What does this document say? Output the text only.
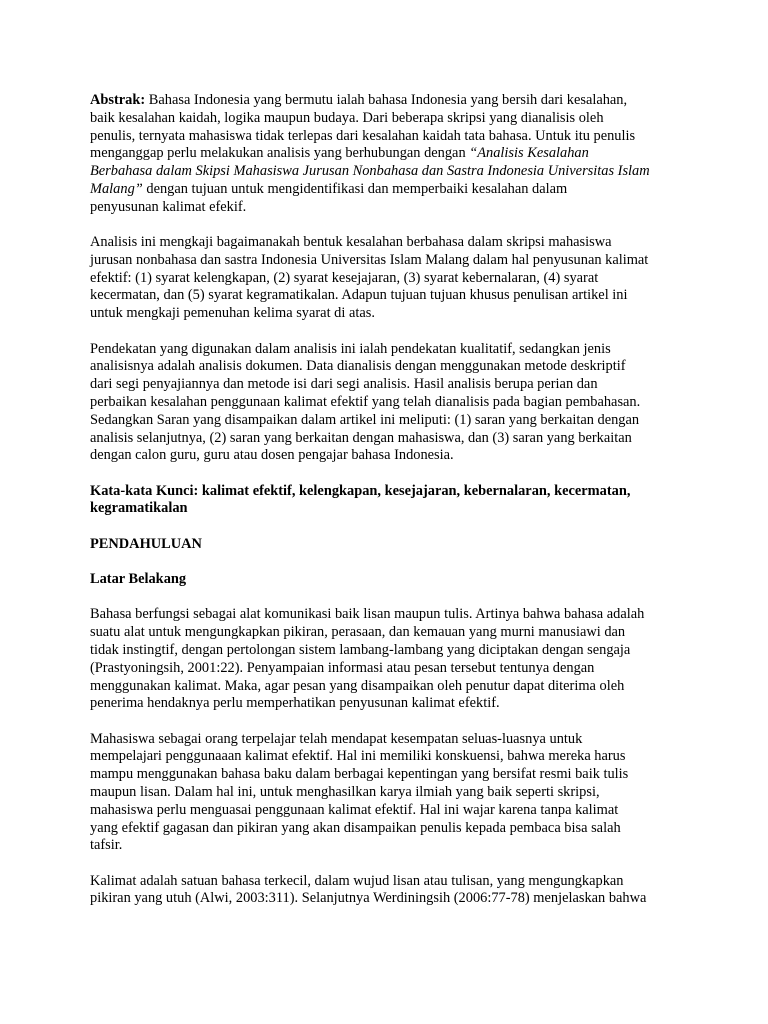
Abstrak: Bahasa Indonesia yang bermutu ialah bahasa Indonesia yang bersih dari kesalahan,
baik kesalahan kaidah, logika maupun budaya. Dari beberapa skripsi yang dianalisis oleh
penulis, ternyata mahasiswa tidak terlepas dari kesalahan kaidah tata bahasa. Untuk itu penulis
menganggap perlu melakukan analisis yang berhubungan dengan “Analisis Kesalahan
Berbahasa dalam Skipsi Mahasiswa Jurusan Nonbahasa dan Sastra Indonesia Universitas Islam
Malang” dengan tujuan untuk mengidentifikasi dan memperbaiki kesalahan dalam
penyusunan kalimat efekif.

Analisis ini mengkaji bagaimanakah bentuk kesalahan berbahasa dalam skripsi mahasiswa
jurusan nonbahasa dan sastra Indonesia Universitas Islam Malang dalam hal penyusunan kalimat
efektif: (1) syarat kelengkapan, (2) syarat kesejajaran, (3) syarat kebernalaran, (4) syarat
kecermatan, dan (5) syarat kegramatikalan. Adapun tujuan tujuan khusus penulisan artikel ini
untuk mengkaji pemenuhan kelima syarat di atas.

Pendekatan yang digunakan dalam analisis ini ialah pendekatan kualitatif, sedangkan jenis
analisisnya adalah analisis dokumen. Data dianalisis dengan menggunakan metode deskriptif
dari segi penyajiannya dan metode isi dari segi analisis. Hasil analisis berupa perian dan
perbaikan kesalahan penggunaan kalimat efektif yang telah dianalisis pada bagian pembahasan.
Sedangkan Saran yang disampaikan dalam artikel ini meliputi: (1) saran yang berkaitan dengan
analisis selanjutnya, (2) saran yang berkaitan dengan mahasiswa, dan (3) saran yang berkaitan
dengan calon guru, guru atau dosen pengajar bahasa Indonesia.

Kata-kata Kunci: kalimat efektif, kelengkapan, kesejajaran, kebernalaran, kecermatan,
kegramatikalan

PENDAHULUAN

Latar Belakang

Bahasa berfungsi sebagai alat komunikasi baik lisan maupun tulis. Artinya bahwa bahasa adalah
suatu alat untuk mengungkapkan pikiran, perasaan, dan kemauan yang murni manusiawi dan
tidak instingtif, dengan pertolongan sistem lambang-lambang yang diciptakan dengan sengaja
(Prastyoningsih, 2001:22). Penyampaian informasi atau pesan tersebut tentunya dengan
menggunakan kalimat. Maka, agar pesan yang disampaikan oleh penutur dapat diterima oleh
penerima hendaknya perlu memperhatikan penyusunan kalimat efektif.

Mahasiswa sebagai orang terpelajar telah mendapat kesempatan seluas-luasnya untuk
mempelajari penggunaaan kalimat efektif. Hal ini memiliki konskuensi, bahwa mereka harus
mampu menggunakan bahasa baku dalam berbagai kepentingan yang bersifat resmi baik tulis
maupun lisan. Dalam hal ini, untuk menghasilkan karya ilmiah yang baik seperti skripsi,
mahasiswa perlu menguasai penggunaan kalimat efektif. Hal ini wajar karena tanpa kalimat
yang efektif gagasan dan pikiran yang akan disampaikan penulis kepada pembaca bisa salah
tafsir.

Kalimat adalah satuan bahasa terkecil, dalam wujud lisan atau tulisan, yang mengungkapkan
pikiran yang utuh (Alwi, 2003:311). Selanjutnya Werdiningsih (2006:77-78) menjelaskan bahwa
